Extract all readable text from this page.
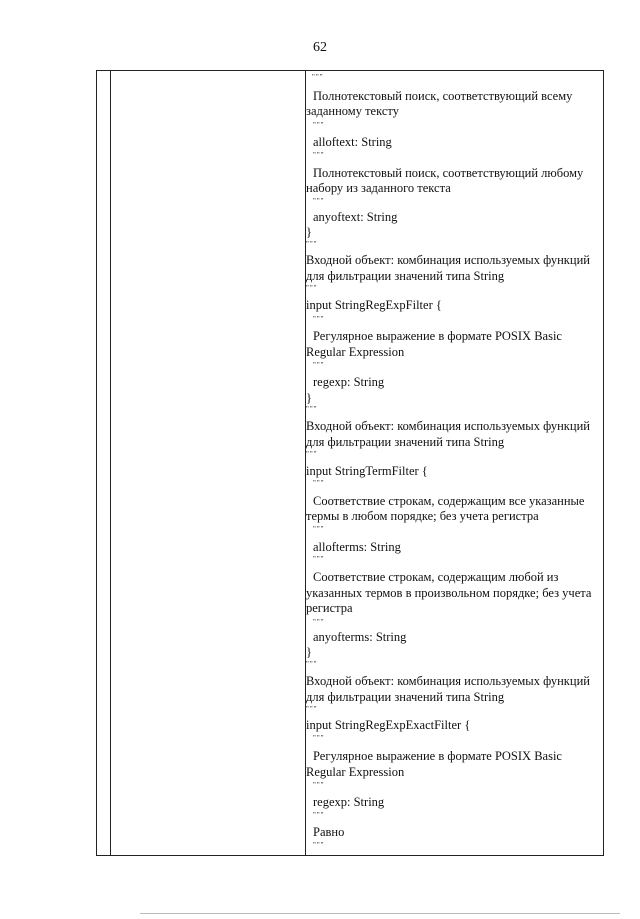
62
"""
Полнотекстовый поиск, соответствующий всему
заданному тексту
"""
alloftext: String
"""
Полнотекстовый поиск, соответствующий любому
набору из заданного текста
"""
anyoftext: String
}
"""
Входной объект: комбинация используемых функций
для фильтрации значений типа String
"""
input StringRegExpFilter {
"""
Регулярное выражение в формате POSIX Basic
Regular Expression
"""
regexp: String
}
"""
Входной объект: комбинация используемых функций
для фильтрации значений типа String
"""
input StringTermFilter {
"""
Соответствие строкам, содержащим все указанные
термы в любом порядке; без учета регистра
"""
allofterms: String
"""
Соответствие строкам, содержащим любой из
указанных термов в произвольном порядке; без учета
регистра
"""
anyofterms: String
}
"""
Входной объект: комбинация используемых функций
для фильтрации значений типа String
"""
input StringRegExpExactFilter {
"""
Регулярное выражение в формате POSIX Basic
Regular Expression
"""
regexp: String
"""
Равно
"""
